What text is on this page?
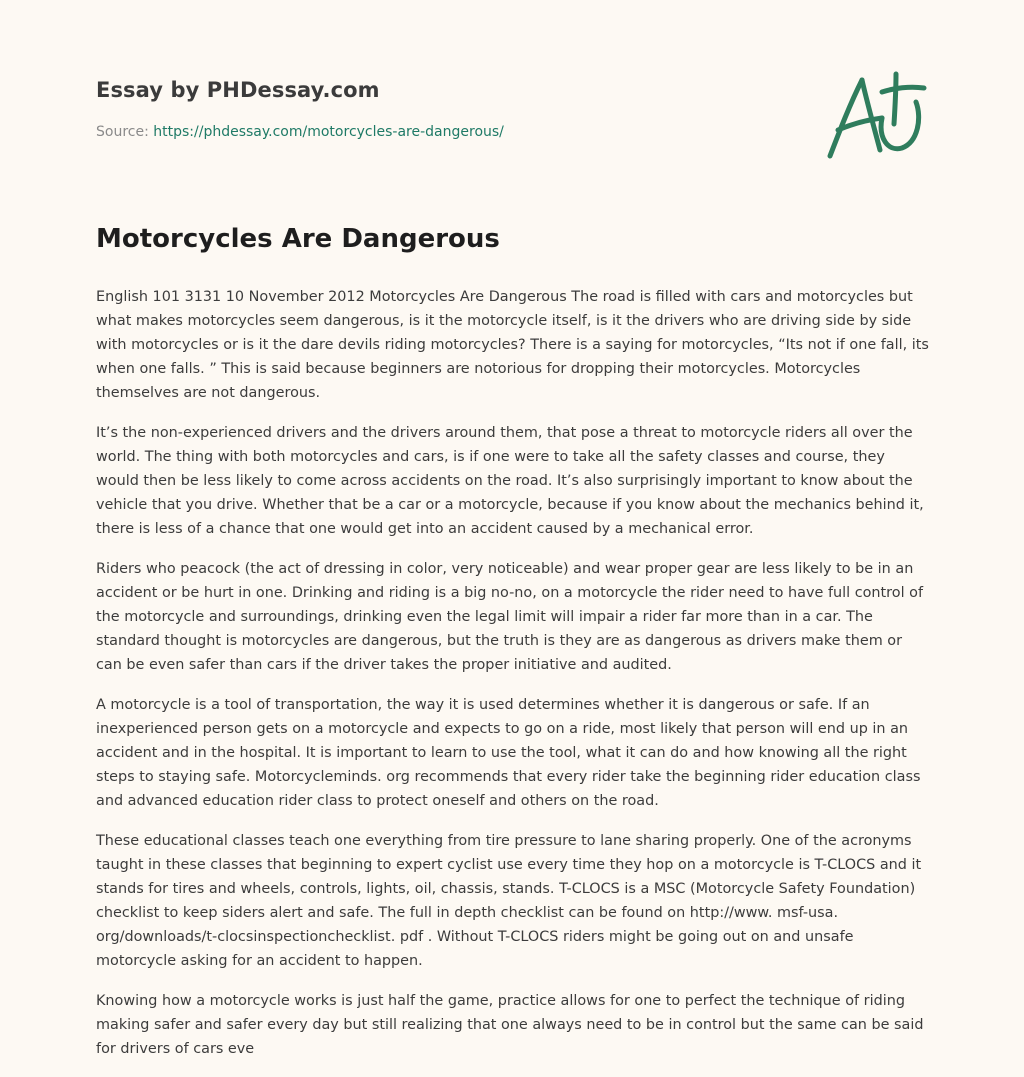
Essay by PHDessay.com
Source: https://phdessay.com/motorcycles-are-dangerous/
Motorcycles Are Dangerous

English 101 3131 10 November 2012 Motorcycles Are Dangerous The road is filled with cars and motorcycles but what makes motorcycles seem dangerous, is it the motorcycle itself, is it the drivers who are driving side by side with motorcycles or is it the dare devils riding motorcycles? There is a saying for motorcycles, “Its not if one fall, its when one falls. ” This is said because beginners are notorious for dropping their motorcycles. Motorcycles themselves are not dangerous.

It’s the non-experienced drivers and the drivers around them, that pose a threat to motorcycle riders all over the world. The thing with both motorcycles and cars, is if one were to take all the safety classes and course, they would then be less likely to come across accidents on the road. It’s also surprisingly important to know about the vehicle that you drive. Whether that be a car or a motorcycle, because if you know about the mechanics behind it, there is less of a chance that one would get into an accident caused by a mechanical error.

Riders who peacock (the act of dressing in color, very noticeable) and wear proper gear are less likely to be in an accident or be hurt in one. Drinking and riding is a big no-no, on a motorcycle the rider need to have full control of the motorcycle and surroundings, drinking even the legal limit will impair a rider far more than in a car. The standard thought is motorcycles are dangerous, but the truth is they are as dangerous as drivers make them or can be even safer than cars if the driver takes the proper initiative and audited.

A motorcycle is a tool of transportation, the way it is used determines whether it is dangerous or safe. If an inexperienced person gets on a motorcycle and expects to go on a ride, most likely that person will end up in an accident and in the hospital. It is important to learn to use the tool, what it can do and how knowing all the right steps to staying safe. Motorcycleminds. org recommends that every rider take the beginning rider education class and advanced education rider class to protect oneself and others on the road.

These educational classes teach one everything from tire pressure to lane sharing properly. One of the acronyms taught in these classes that beginning to expert cyclist use every time they hop on a motorcycle is T-CLOCS and it stands for tires and wheels, controls, lights, oil, chassis, stands. T-CLOCS is a MSC (Motorcycle Safety Foundation) checklist to keep siders alert and safe. The full in depth checklist can be found on http://www. msf-usa. org/downloads/t-clocsinspectionchecklist. pdf . Without T-CLOCS riders might be going out on and unsafe motorcycle asking for an accident to happen.

Knowing how a motorcycle works is just half the game, practice allows for one to perfect the technique of riding making safer and safer every day but still realizing that one always need to be in control but the same can be said for drivers of cars eve
